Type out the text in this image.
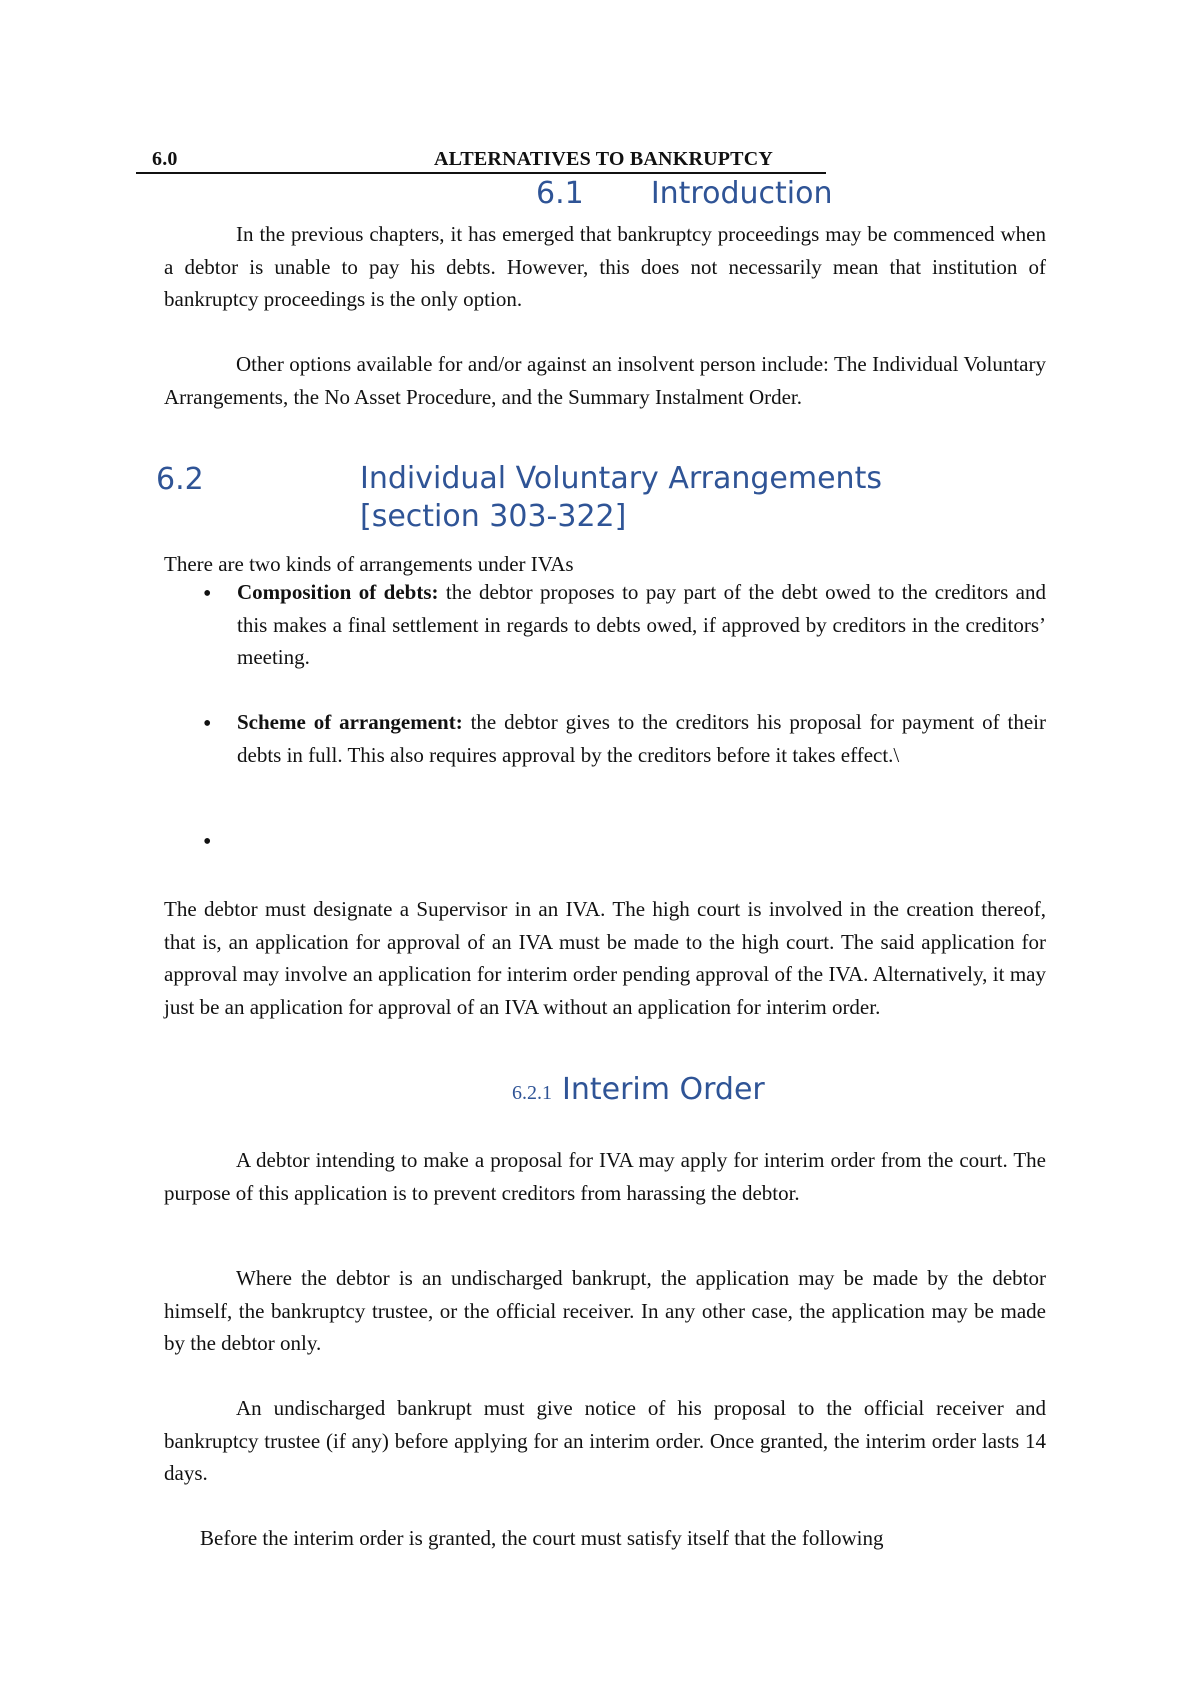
6.0	ALTERNATIVES TO BANKRUPTCY
6.1 Introduction

In the previous chapters, it has emerged that bankruptcy proceedings may be commenced when a debtor is unable to pay his debts. However, this does not necessarily mean that institution of bankruptcy proceedings is the only option.

Other options available for and/or against an insolvent person include: The Individual Voluntary Arrangements, the No Asset Procedure, and the Summary Instalment Order.

6.2	Individual Voluntary Arrangements
[section 303-322]

There are two kinds of arrangements under IVAs

• Composition of debts: the debtor proposes to pay part of the debt owed to the creditors and this makes a final settlement in regards to debts owed, if approved by creditors in the creditors’ meeting.

• Scheme of arrangement: the debtor gives to the creditors his proposal for payment of their debts in full. This also requires approval by the creditors before it takes effect.\

•

The debtor must designate a Supervisor in an IVA. The high court is involved in the creation thereof, that is, an application for approval of an IVA must be made to the high court. The said application for approval may involve an application for interim order pending approval of the IVA. Alternatively, it may just be an application for approval of an IVA without an application for interim order.

6.2.1 Interim Order

A debtor intending to make a proposal for IVA may apply for interim order from the court. The purpose of this application is to prevent creditors from harassing the debtor.

Where the debtor is an undischarged bankrupt, the application may be made by the debtor himself, the bankruptcy trustee, or the official receiver. In any other case, the application may be made by the debtor only.

An undischarged bankrupt must give notice of his proposal to the official receiver and bankruptcy trustee (if any) before applying for an interim order. Once granted, the interim order lasts 14 days.

Before the interim order is granted, the court must satisfy itself that the following
